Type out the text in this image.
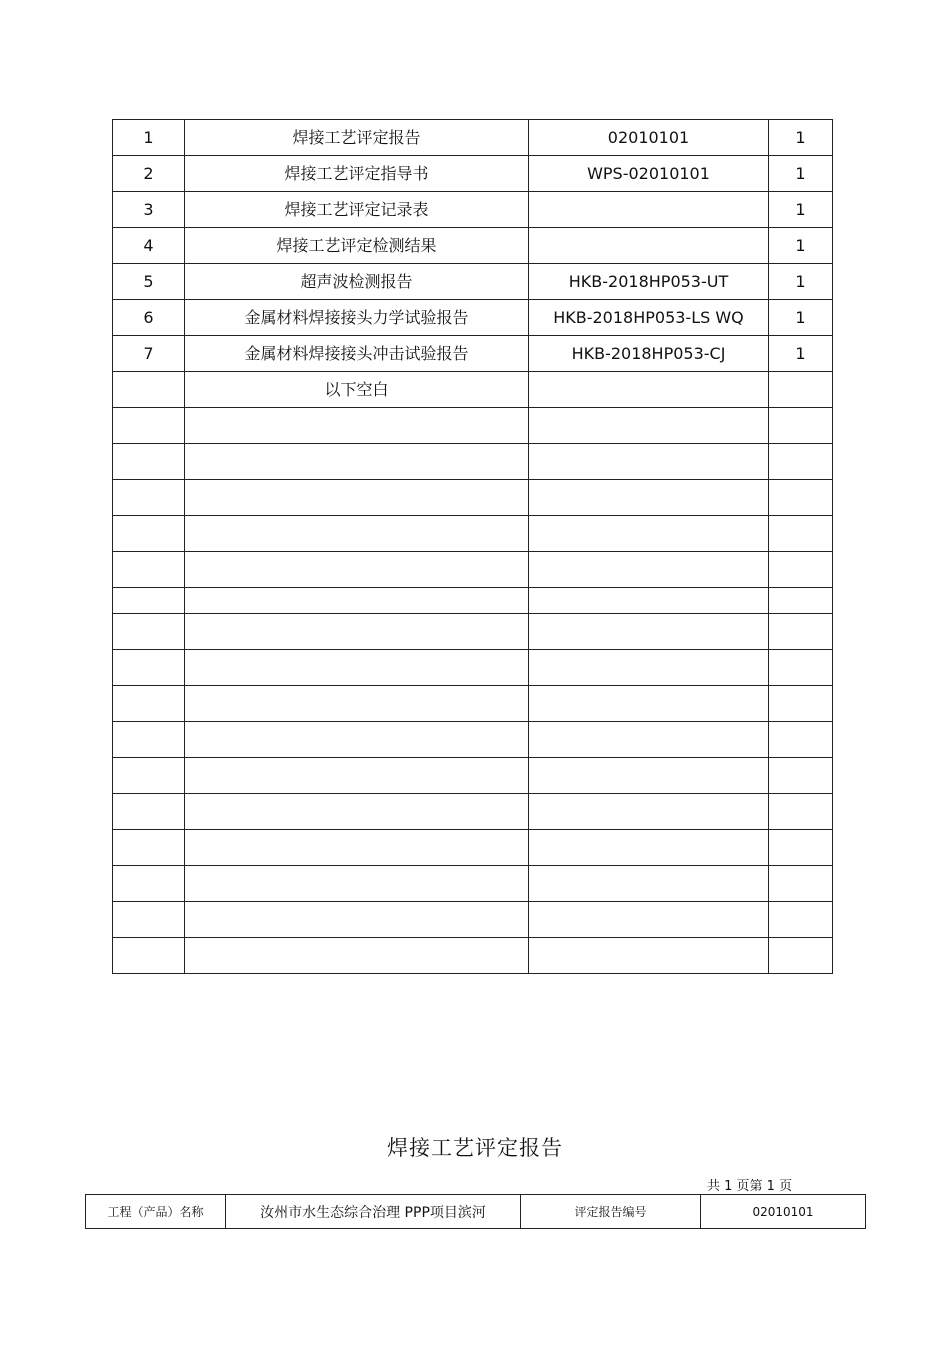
1	焊接工艺评定报告	02010101	1
2	焊接工艺评定指导书	WPS-02010101	1
3	焊接工艺评定记录表		1
4	焊接工艺评定检测结果		1
5	超声波检测报告	HKB-2018HP053-UT	1
6	金属材料焊接接头力学试验报告	HKB-2018HP053-LS WQ	1
7	金属材料焊接接头冲击试验报告	HKB-2018HP053-CJ	1
	以下空白		

焊接工艺评定报告
共 1 页第 1 页
工程（产品）名称	汝州市水生态综合治理 PPP项目滨河	评定报告编号	02010101
